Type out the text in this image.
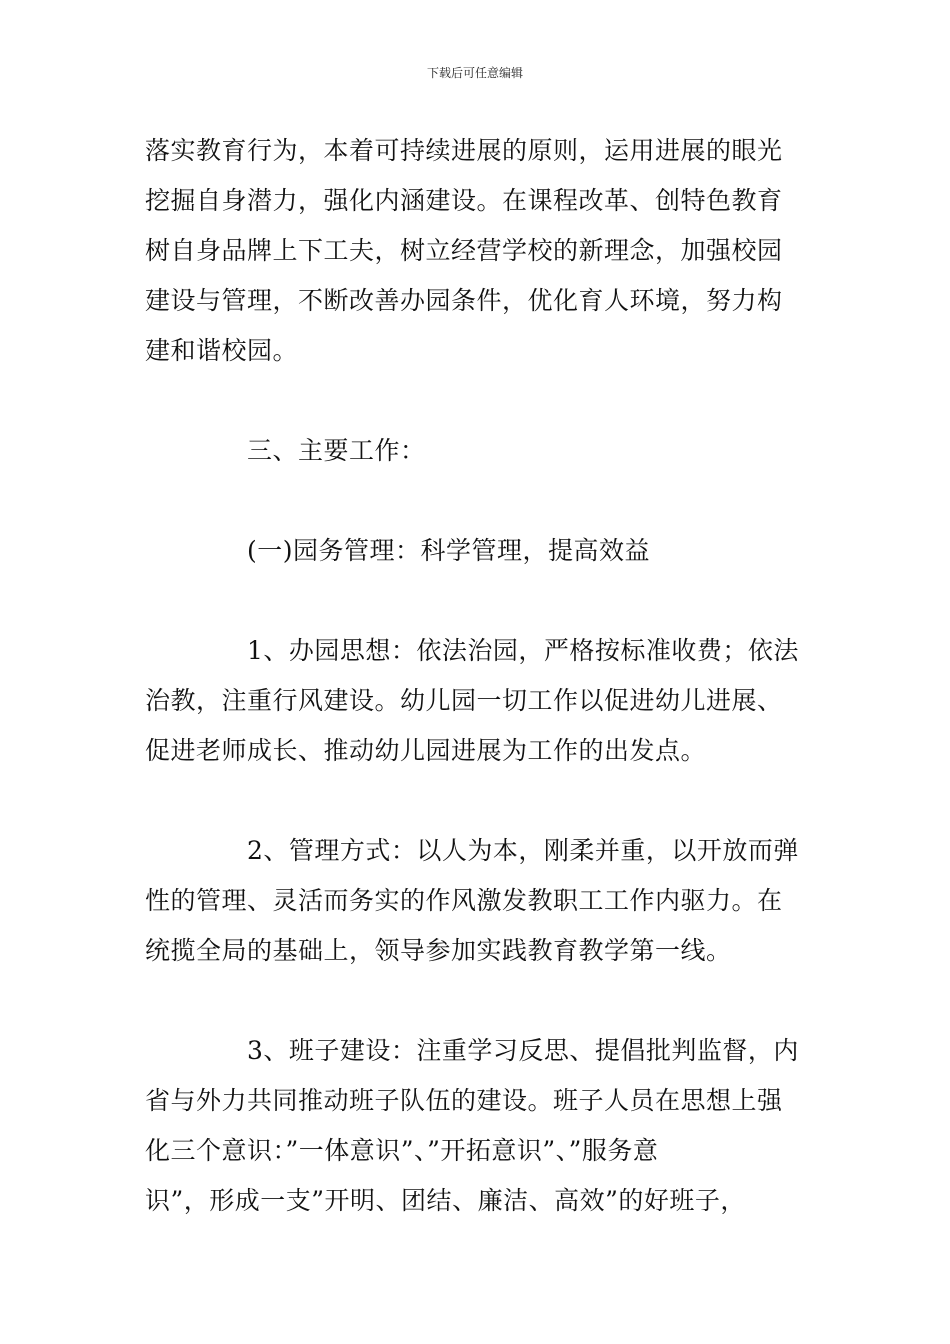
下载后可任意编辑
落实教育行为，本着可持续进展的原则，运用进展的眼光
挖掘自身潜力，强化内涵建设。在课程改革、创特色教育
树自身品牌上下工夫，树立经营学校的新理念，加强校园
建设与管理，不断改善办园条件，优化育人环境，努力构
建和谐校园。
三、主要工作：
(一)园务管理：科学管理，提高效益
1、办园思想：依法治园，严格按标准收费；依法
治教，注重行风建设。幼儿园一切工作以促进幼儿进展、
促进老师成长、推动幼儿园进展为工作的出发点。
2、管理方式：以人为本，刚柔并重，以开放而弹
性的管理、灵活而务实的作风激发教职工工作内驱力。在
统揽全局的基础上，领导参加实践教育教学第一线。
3、班子建设：注重学习反思、提倡批判监督，内
省与外力共同推动班子队伍的建设。班子人员在思想上强
化三个意识：”一体意识”、”开拓意识”、”服务意
识”，形成一支”开明、团结、廉洁、高效”的好班子，
